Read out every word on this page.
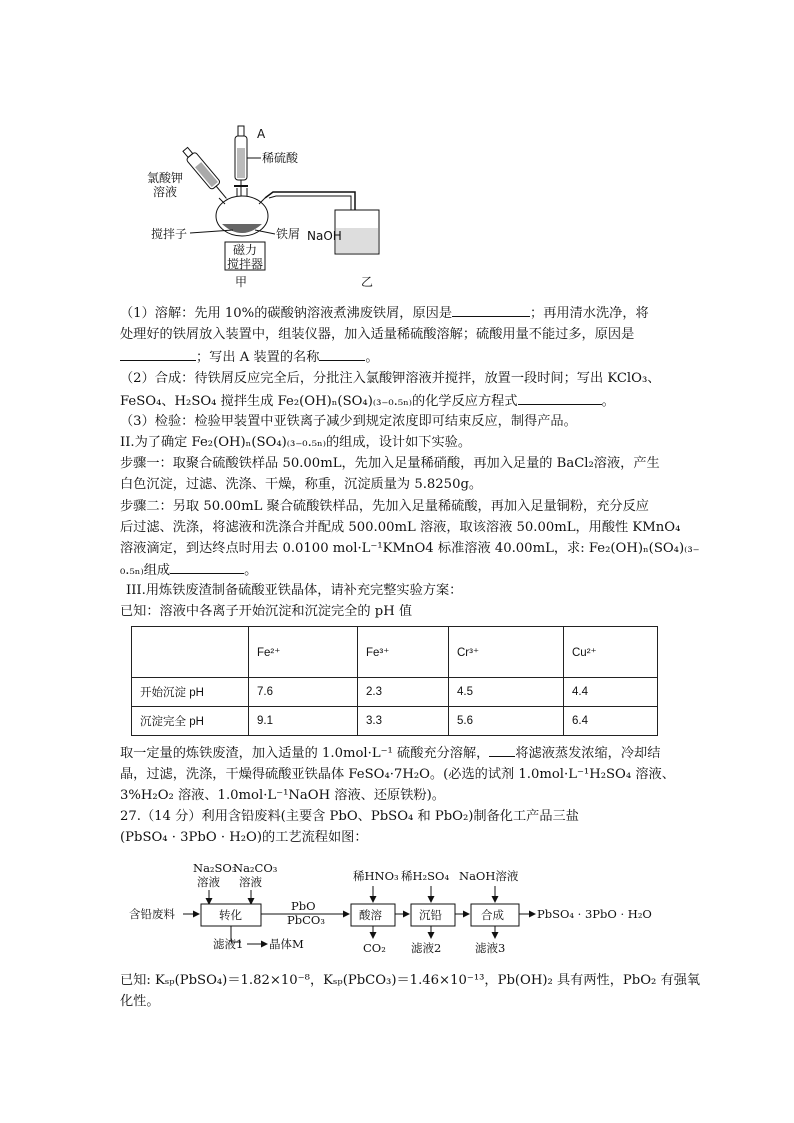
A
稀硫酸
氯酸钾
溶液
搅拌子	铁屑 NaOH
磁力
搅拌器
甲	乙
（1）溶解：先用 10%的碳酸钠溶液煮沸废铁屑，原因是	；再用清水洗净，将
处理好的铁屑放入装置中，组装仪器，加入适量稀硫酸溶解；硫酸用量不能过多，原因是
；写出 A 装置的名称	。
（2）合成：待铁屑反应完全后，分批注入氯酸钾溶液并搅拌，放置一段时间；写出 KClO₃、
FeSO₄、H₂SO₄ 搅拌生成 Fe₂(OH)ₙ(SO₄)₍₃₋₀.₅ₙ₎的化学反应方程式	。
（3）检验：检验甲装置中亚铁离子减少到规定浓度即可结束反应，制得产品。
II.为了确定 Fe₂(OH)ₙ(SO₄)₍₃₋₀.₅ₙ₎的组成，设计如下实验。
步骤一：取聚合硫酸铁样品 50.00mL，先加入足量稀硝酸，再加入足量的 BaCl₂溶液，产生
白色沉淀，过滤、洗涤、干燥，称重，沉淀质量为 5.8250g。
步骤二：另取 50.00mL 聚合硫酸铁样品，先加入足量稀硫酸，再加入足量铜粉，充分反应
后过滤、洗涤，将滤液和洗涤合并配成 500.00mL 溶液，取该溶液 50.00mL，用酸性 KMnO₄
溶液滴定，到达终点时用去 0.0100 mol·L⁻¹KMnO4 标准溶液 40.00mL，求: Fe₂(OH)ₙ(SO₄)₍₃₋
₀.₅ₙ₎组成	。
III.用炼铁废渣制备硫酸亚铁晶体，请补充完整实验方案：
已知：溶液中各离子开始沉淀和沉淀完全的 pH 值
	Fe²⁺	Fe³⁺	Cr³⁺	Cu²⁺
开始沉淀 pH	7.6	2.3	4.5	4.4
沉淀完全 pH	9.1	3.3	5.6	6.4
取一定量的炼铁废渣，加入适量的 1.0mol·L⁻¹ 硫酸充分溶解， 将滤液蒸发浓缩，冷却结
晶，过滤，洗涤，干燥得硫酸亚铁晶体 FeSO₄·7H₂O。(必选的试剂 1.0mol·L⁻¹H₂SO₄ 溶液、
3%H₂O₂ 溶液、1.0mol·L⁻¹NaOH 溶液、还原铁粉)。
27.（14 分）利用含铅废料(主要含 PbO、PbSO₄ 和 PbO₂)制备化工产品三盐
(PbSO₄ · 3PbO · H₂O)的工艺流程如图：
Na₂SO₃
溶液
Na₂CO₃
溶液
含铅废料	转化
PbO
PbCO₃
滤液1 晶体M
稀HNO₃
酸溶
CO₂
稀H₂SO₄
沉铅
滤液2
NaOH溶液
合成
滤液3
PbSO₄ · 3PbO · H₂O
已知: Kₛₚ(PbSO₄)＝1.82×10⁻⁸，Kₛₚ(PbCO₃)＝1.46×10⁻¹³，Pb(OH)₂ 具有两性，PbO₂ 有强氧
化性。
